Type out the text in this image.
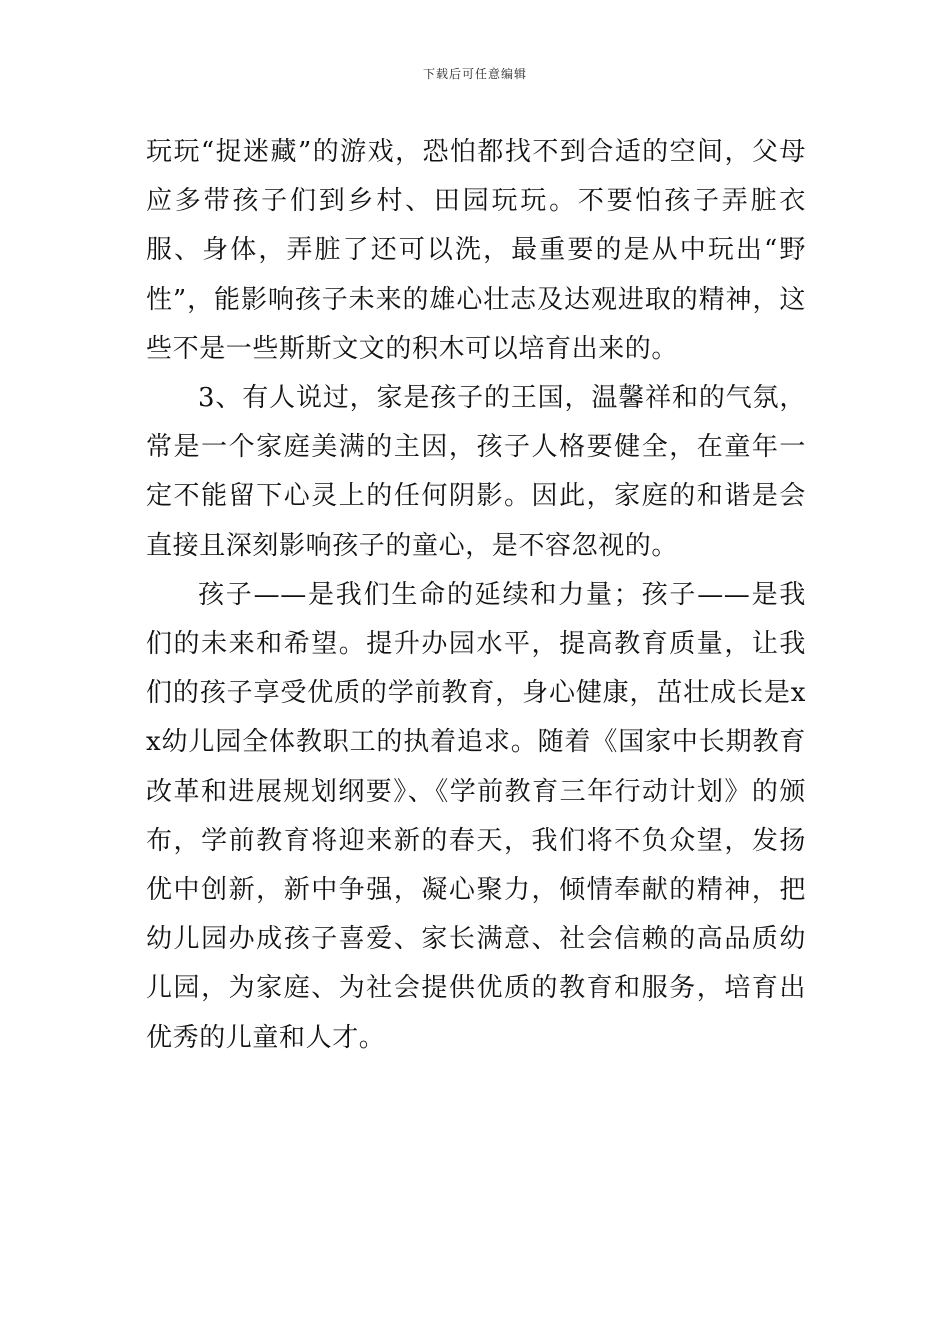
下载后可任意编辑

玩玩“捉迷藏”的游戏，恐怕都找不到合适的空间，父母应多带孩子们到乡村、田园玩玩。不要怕孩子弄脏衣服、身体，弄脏了还可以洗，最重要的是从中玩出“野性”，能影响孩子未来的雄心壮志及达观进取的精神，这些不是一些斯斯文文的积木可以培育出来的。

3、有人说过，家是孩子的王国，温馨祥和的气氛，常是一个家庭美满的主因，孩子人格要健全，在童年一定不能留下心灵上的任何阴影。因此，家庭的和谐是会直接且深刻影响孩子的童心，是不容忽视的。

孩子——是我们生命的延续和力量；孩子——是我们的未来和希望。提升办园水平，提高教育质量，让我们的孩子享受优质的学前教育，身心健康，茁壮成长是xx幼儿园全体教职工的执着追求。随着《国家中长期教育改革和进展规划纲要》、《学前教育三年行动计划》的颁布，学前教育将迎来新的春天，我们将不负众望，发扬优中创新，新中争强，凝心聚力，倾情奉献的精神，把幼儿园办成孩子喜爱、家长满意、社会信赖的高品质幼儿园，为家庭、为社会提供优质的教育和服务，培育出优秀的儿童和人才。
